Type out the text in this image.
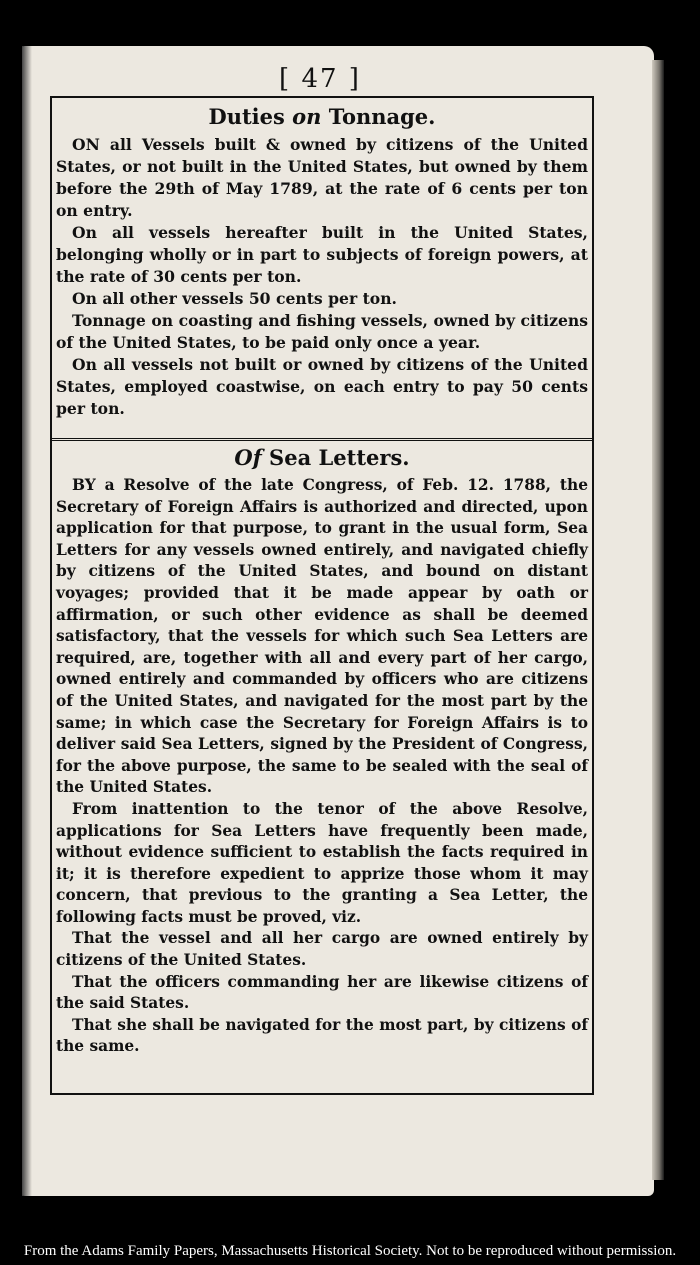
[ 47 ]
Duties on Tonnage.

ON all Vessels built & owned by citizens of the United States, or not built in the United States, but owned by them before the 29th of May 1789, at the rate of 6 cents per ton on entry.

On all vessels hereafter built in the United States, belonging wholly or in part to subjects of foreign powers, at the rate of 30 cents per ton.

On all other vessels 50 cents per ton.

Tonnage on coasting and fishing vessels, owned by citizens of the United States, to be paid only once a year.

On all vessels not built or owned by citizens of the United States, employed coastwise, on each entry to pay 50 cents per ton.

Of Sea Letters.

BY a Resolve of the late Congress, of Feb. 12. 1788, the Secretary of Foreign Affairs is authorized and directed, upon application for that purpose, to grant in the usual form, Sea Letters for any vessels owned entirely, and navigated chiefly by citizens of the United States, and bound on distant voyages; provided that it be made appear by oath or affirmation, or such other evidence as shall be deemed satisfactory, that the vessels for which such Sea Letters are required, are, together with all and every part of her cargo, owned entirely and commanded by officers who are citizens of the United States, and navigated for the most part by the same; in which case the Secretary for Foreign Affairs is to deliver said Sea Letters, signed by the President of Congress, for the above purpose, the same to be sealed with the seal of the United States.

From inattention to the tenor of the above Resolve, applications for Sea Letters have frequently been made, without evidence sufficient to establish the facts required in it; it is therefore expedient to apprize those whom it may concern, that previous to the granting a Sea Letter, the following facts must be proved, viz.

That the vessel and all her cargo are owned entirely by citizens of the United States.

That the officers commanding her are likewise citizens of the said States.

That she shall be navigated for the most part, by citizens of the same.

From the Adams Family Papers, Massachusetts Historical Society. Not to be reproduced without permission.
